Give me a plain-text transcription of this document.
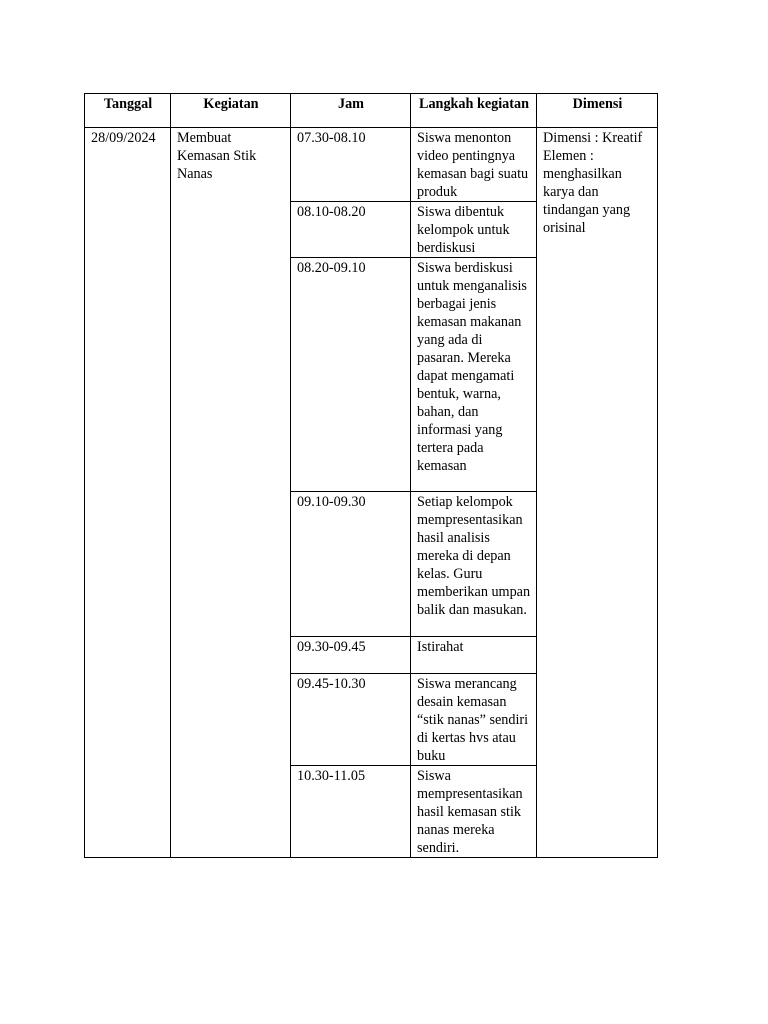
Tanggal	Kegiatan	Jam	Langkah kegiatan	Dimensi
28/09/2024	Membuat Kemasan Stik Nanas	07.30-08.10	Siswa menonton video pentingnya kemasan bagi suatu produk	Dimensi : Kreatif
Elemen : menghasilkan karya dan tindangan yang orisinal
		08.10-08.20	Siswa dibentuk kelompok untuk berdiskusi	
		08.20-09.10	Siswa berdiskusi untuk menganalisis berbagai jenis kemasan makanan yang ada di pasaran. Mereka dapat mengamati bentuk, warna, bahan, dan informasi yang tertera pada kemasan	
		09.10-09.30	Setiap kelompok mempresentasikan hasil analisis mereka di depan kelas. Guru memberikan umpan balik dan masukan.	
		09.30-09.45	Istirahat	
		09.45-10.30	Siswa merancang desain kemasan “stik nanas” sendiri di kertas hvs atau buku	
		10.30-11.05	Siswa mempresentasikan hasil kemasan stik nanas mereka sendiri.	
